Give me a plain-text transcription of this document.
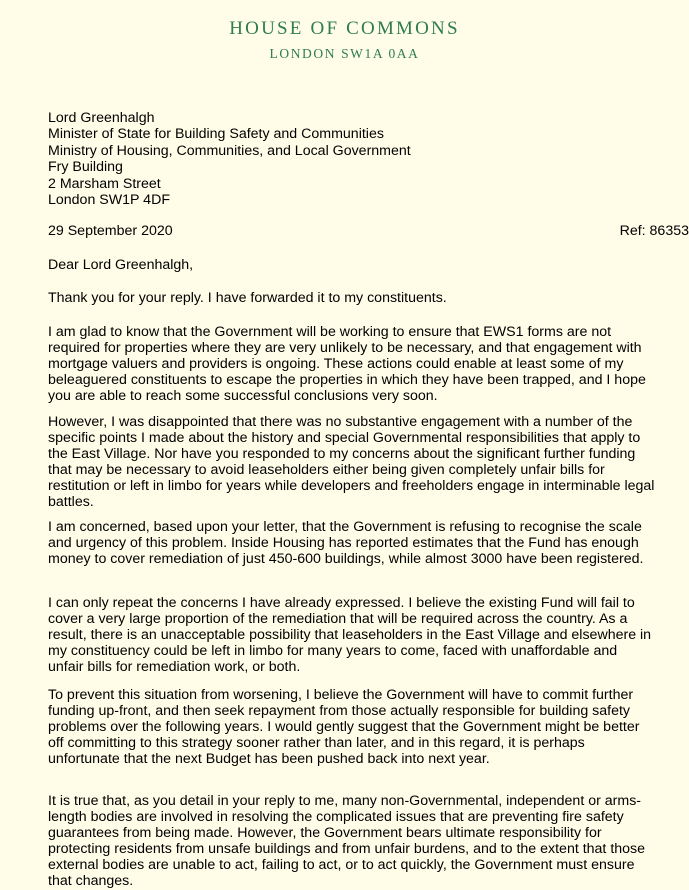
HOUSE OF COMMONS
LONDON SW1A 0AA
Lord Greenhalgh
Minister of State for Building Safety and Communities
Ministry of Housing, Communities, and Local Government
Fry Building
2 Marsham Street
London SW1P 4DF
29 September 2020	Ref: 86353
Dear Lord Greenhalgh,

Thank you for your reply. I have forwarded it to my constituents.

I am glad to know that the Government will be working to ensure that EWS1 forms are not required for properties where they are very unlikely to be necessary, and that engagement with mortgage valuers and providers is ongoing. These actions could enable at least some of my beleaguered constituents to escape the properties in which they have been trapped, and I hope you are able to reach some successful conclusions very soon.

However, I was disappointed that there was no substantive engagement with a number of the specific points I made about the history and special Governmental responsibilities that apply to the East Village. Nor have you responded to my concerns about the significant further funding that may be necessary to avoid leaseholders either being given completely unfair bills for restitution or left in limbo for years while developers and freeholders engage in interminable legal battles.

I am concerned, based upon your letter, that the Government is refusing to recognise the scale and urgency of this problem. Inside Housing has reported estimates that the Fund has enough money to cover remediation of just 450-600 buildings, while almost 3000 have been registered.

I can only repeat the concerns I have already expressed. I believe the existing Fund will fail to cover a very large proportion of the remediation that will be required across the country. As a result, there is an unacceptable possibility that leaseholders in the East Village and elsewhere in my constituency could be left in limbo for many years to come, faced with unaffordable and unfair bills for remediation work, or both.

To prevent this situation from worsening, I believe the Government will have to commit further funding up-front, and then seek repayment from those actually responsible for building safety problems over the following years. I would gently suggest that the Government might be better off committing to this strategy sooner rather than later, and in this regard, it is perhaps unfortunate that the next Budget has been pushed back into next year.

It is true that, as you detail in your reply to me, many non-Governmental, independent or arms-length bodies are involved in resolving the complicated issues that are preventing fire safety guarantees from being made. However, the Government bears ultimate responsibility for protecting residents from unsafe buildings and from unfair burdens, and to the extent that those external bodies are unable to act, failing to act, or to act quickly, the Government must ensure that changes.
